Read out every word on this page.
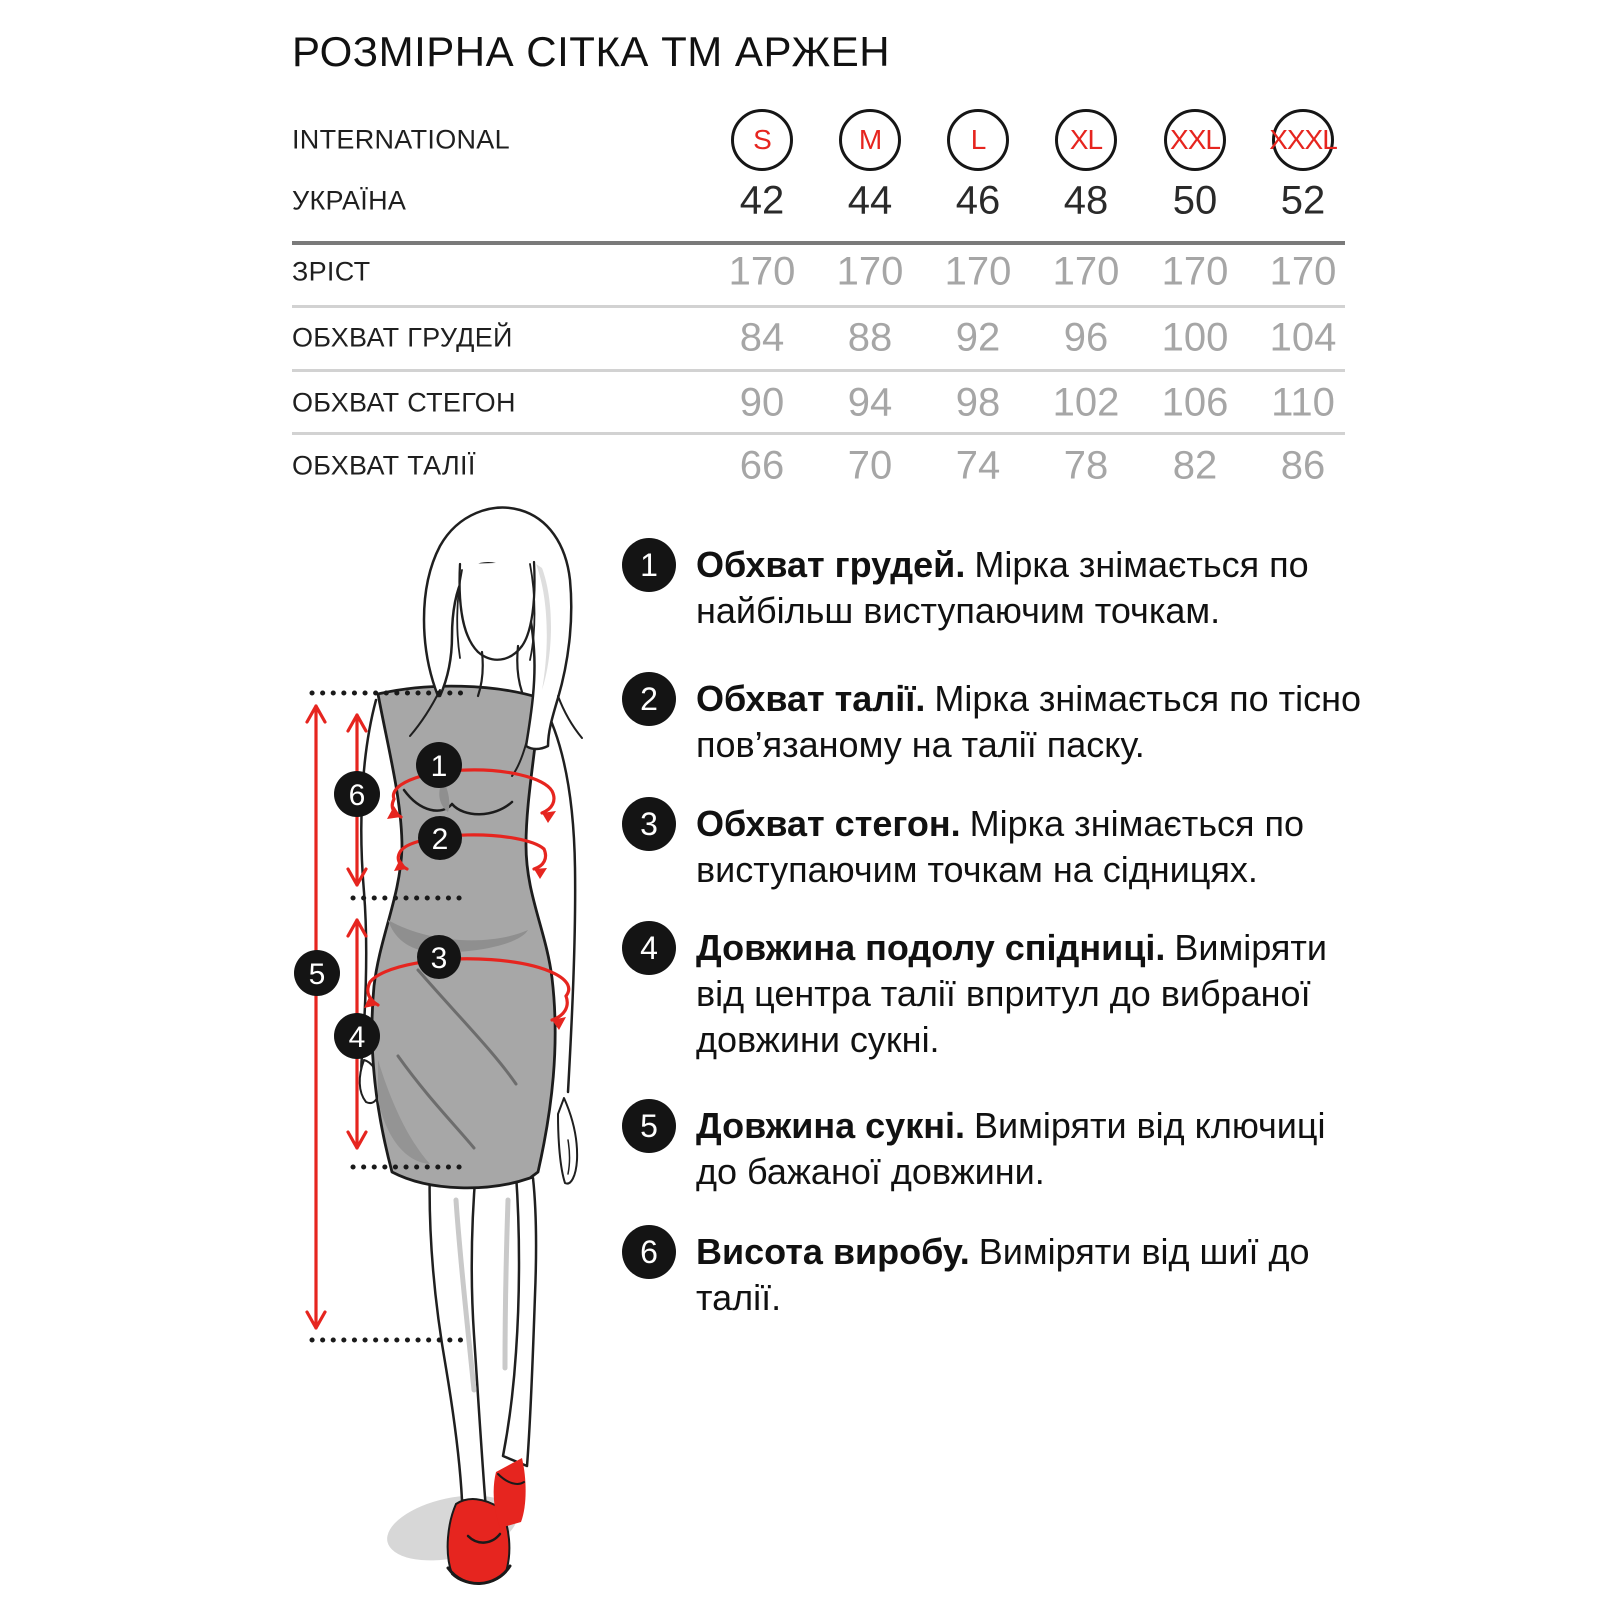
РОЗМІРНА СІТКА ТМ АРЖЕН
INTERNATIONAL	S	M	L	XL XXL XXXL
УКРАЇНА	42 44 46 48 50 52
ЗРІСТ	170 170 170 170 170 170
ОБХВАТ ГРУДЕЙ	84 88 92 96 100 104
ОБХВАТ СТЕГОН	90 94 98 102 106 110
ОБХВАТ ТАЛІЇ	66 70 74 78 82 86
1
2
3
4
5
6
1 Обхват грудей. Мірка знімається по найбільш виступаючим точкам.
2 Обхват талії. Мірка знімається по тісно пов’язаному на талії паску.
3 Обхват стегон. Мірка знімається по виступаючим точкам на сідницях.
4 Довжина подолу спідниці. Виміряти від центра талії впритул до вибраної довжини сукні.
5 Довжина сукні. Виміряти від ключиці до бажаної довжини.
6 Висота виробу. Виміряти від шиї до талії.
